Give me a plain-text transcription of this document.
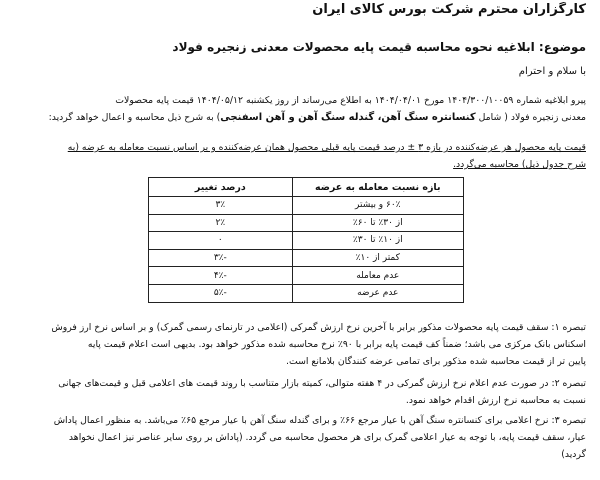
کارگزاران محترم شرکت بورس کالای ایران
موضوع: ابلاغیه نحوه محاسبه قیمت پایه محصولات معدنی زنجیره فولاد
با سلام و احترام
پیرو ابلاغیه شماره ۱۴۰۴/۳۰۰/۱۰۰۵۹ مورخ ۱۴۰۴/۰۴/۰۱ به اطلاع می‌رساند از روز یکشنبه ۱۴۰۴/۰۵/۱۲ قیمت پایه محصولات
معدنی زنجیره فولاد ( شامل کنسانتره سنگ آهن، گندله سنگ آهن و آهن اسفنجی) به شرح ذیل محاسبه و اعمال خواهد گردید:
قیمت پایه محصول هر عرضه‌کننده در بازه ۳ ± درصد قیمت پایه قبلی محصول همان عرضه‌کننده و بر اساس نسبت معامله به عرضه (به
شرح جدول ذیل) محاسبه می‌گردد.
بازه نسبت معامله به عرضه	درصد تغییر
۶۰٪ و بیشتر	۳٪
از ۳۰٪ تا ۶۰٪	۲٪
از ۱۰٪ تا ۳۰٪	۰
کمتر از ۱۰٪	-۳٪
عدم معامله	-۴٪
عدم عرضه	-۵٪
تبصره ۱: سقف قیمت پایه محصولات مذکور برابر با آخرین نرخ ارزش گمرکی (اعلامی در تارنمای رسمی گمرک) و بر اساس نرخ ارز فروش
اسکناس بانک مرکزی می باشد؛ ضمناً کف قیمت پایه برابر با ۹۰٪ نرخ محاسبه شده مذکور خواهد بود. بدیهی است اعلام قیمت پایه
پایین تر از قیمت محاسبه شده مذکور برای تمامی عرضه کنندگان بلامانع است.
تبصره ۲: در صورت عدم اعلام نرخ ارزش گمرکی در ۴ هفته متوالی، کمیته بازار متناسب با روند قیمت های اعلامی قبل و قیمت‌های جهانی
نسبت به محاسبه نرخ ارزش اقدام خواهد نمود.
تبصره ۳: نرخ اعلامی برای کنسانتره سنگ آهن با عیار مرجع ۶۶٪ و برای گندله سنگ آهن با عیار مرجع ۶۵٪ می‌باشد. به منظور اعمال پاداش
عیار، سقف قیمت پایه، با توجه به عیار اعلامی گمرک برای هر محصول محاسبه می گردد. (پاداش بر روی سایر عناصر نیز اعمال نخواهد
گردید)
